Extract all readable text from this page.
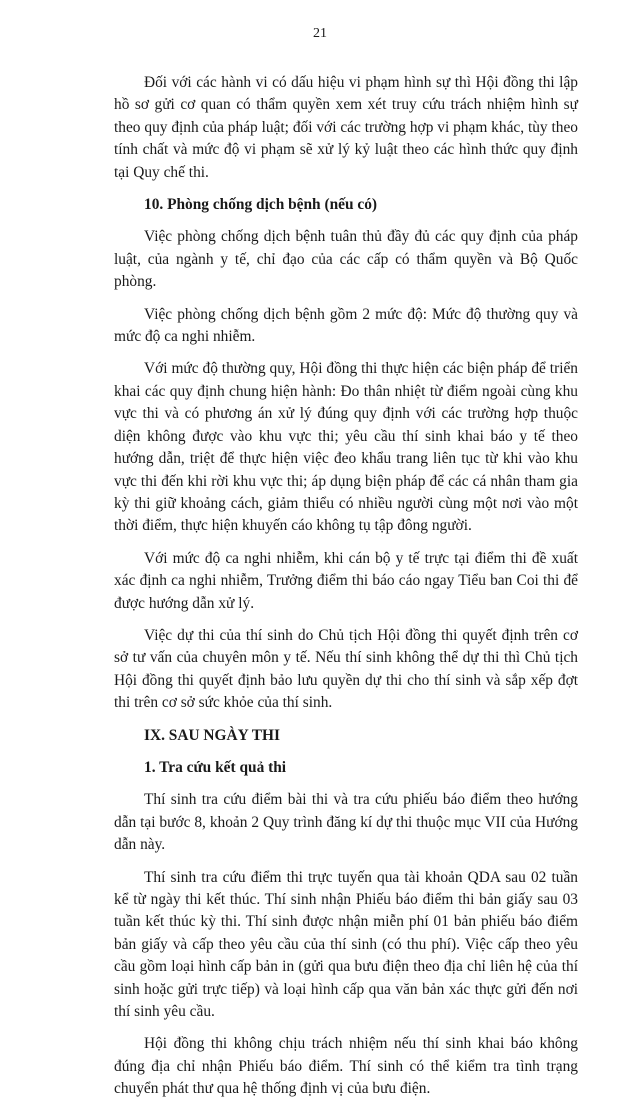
21

Đối với các hành vi có dấu hiệu vi phạm hình sự thì Hội đồng thi lập hồ sơ gửi cơ quan có thẩm quyền xem xét truy cứu trách nhiệm hình sự theo quy định của pháp luật; đối với các trường hợp vi phạm khác, tùy theo tính chất và mức độ vi phạm sẽ xử lý kỷ luật theo các hình thức quy định tại Quy chế thi.

10. Phòng chống dịch bệnh (nếu có)

Việc phòng chống dịch bệnh tuân thủ đầy đủ các quy định của pháp luật, của ngành y tế, chỉ đạo của các cấp có thẩm quyền và Bộ Quốc phòng.

Việc phòng chống dịch bệnh gồm 2 mức độ: Mức độ thường quy và mức độ ca nghi nhiễm.

Với mức độ thường quy, Hội đồng thi thực hiện các biện pháp để triển khai các quy định chung hiện hành: Đo thân nhiệt từ điểm ngoài cùng khu vực thi và có phương án xử lý đúng quy định với các trường hợp thuộc diện không được vào khu vực thi; yêu cầu thí sinh khai báo y tế theo hướng dẫn, triệt để thực hiện việc đeo khẩu trang liên tục từ khi vào khu vực thi đến khi rời khu vực thi; áp dụng biện pháp để các cá nhân tham gia kỳ thi giữ khoảng cách, giảm thiểu có nhiều người cùng một nơi vào một thời điểm, thực hiện khuyến cáo không tụ tập đông người.

Với mức độ ca nghi nhiễm, khi cán bộ y tế trực tại điểm thi đề xuất xác định ca nghi nhiễm, Trưởng điểm thi báo cáo ngay Tiểu ban Coi thi để được hướng dẫn xử lý.

Việc dự thi của thí sinh do Chủ tịch Hội đồng thi quyết định trên cơ sở tư vấn của chuyên môn y tế. Nếu thí sinh không thể dự thi thì Chủ tịch Hội đồng thi quyết định bảo lưu quyền dự thi cho thí sinh và sắp xếp đợt thi trên cơ sở sức khỏe của thí sinh.

IX. SAU NGÀY THI
1. Tra cứu kết quả thi

Thí sinh tra cứu điểm bài thi và tra cứu phiếu báo điểm theo hướng dẫn tại bước 8, khoản 2 Quy trình đăng kí dự thi thuộc mục VII của Hướng dẫn này.

Thí sinh tra cứu điểm thi trực tuyến qua tài khoản QDA sau 02 tuần kể từ ngày thi kết thúc. Thí sinh nhận Phiếu báo điểm thi bản giấy sau 03 tuần kết thúc kỳ thi. Thí sinh được nhận miễn phí 01 bản phiếu báo điểm bản giấy và cấp theo yêu cầu của thí sinh (có thu phí). Việc cấp theo yêu cầu gồm loại hình cấp bản in (gửi qua bưu điện theo địa chỉ liên hệ của thí sinh hoặc gửi trực tiếp) và loại hình cấp qua văn bản xác thực gửi đến nơi thí sinh yêu cầu.

Hội đồng thi không chịu trách nhiệm nếu thí sinh khai báo không đúng địa chỉ nhận Phiếu báo điểm. Thí sinh có thể kiểm tra tình trạng chuyển phát thư qua hệ thống định vị của bưu điện.
